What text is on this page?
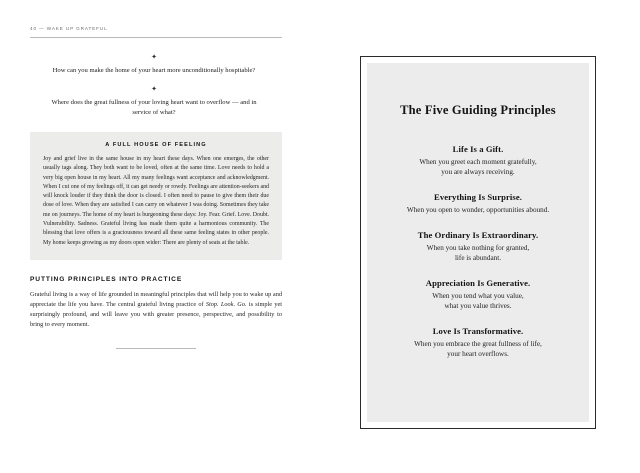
40 — WAKE UP GRATEFUL
✦

How can you make the home of your heart more unconditionally hospitable?

✦

Where does the great fullness of your loving heart want to overflow — and in service of what?

A FULL HOUSE OF FEELING

Joy and grief live in the same house in my heart these days. When one emerges, the other usually tags along. They both want to be loved, often at the same time. Love needs to hold a very big open house in my heart. All my many feelings want acceptance and acknowledgment. When I cut one of my feelings off, it can get needy or rowdy. Feelings are attention-seekers and will knock louder if they think the door is closed. I often need to pause to give them their due dose of love. When they are satisfied I can carry on whatever I was doing. Sometimes they take me on journeys. The home of my heart is burgeoning these days: Joy. Fear. Grief. Love. Doubt. Vulnerability. Sadness. Grateful living has made them quite a harmonious community. The blessing that love offers is a graciousness toward all these same feeling states in other people. My home keeps growing as my doors open wider: There are plenty of seats at the table.

PUTTING PRINCIPLES INTO PRACTICE

Grateful living is a way of life grounded in meaningful principles that will help you to wake up and appreciate the life you have. The central grateful living practice of Stop. Look. Go. is simple yet surprisingly profound, and will leave you with greater presence, perspective, and possibility to bring to every moment.

The Five Guiding Principles
Life Is a Gift.
When you greet each moment gratefully,
you are always receiving.
Everything Is Surprise.
When you open to wonder, opportunities abound.
The Ordinary Is Extraordinary.
When you take nothing for granted,
life is abundant.
Appreciation Is Generative.
When you tend what you value,
what you value thrives.
Love Is Transformative.
When you embrace the great fullness of life,
your heart overflows.
